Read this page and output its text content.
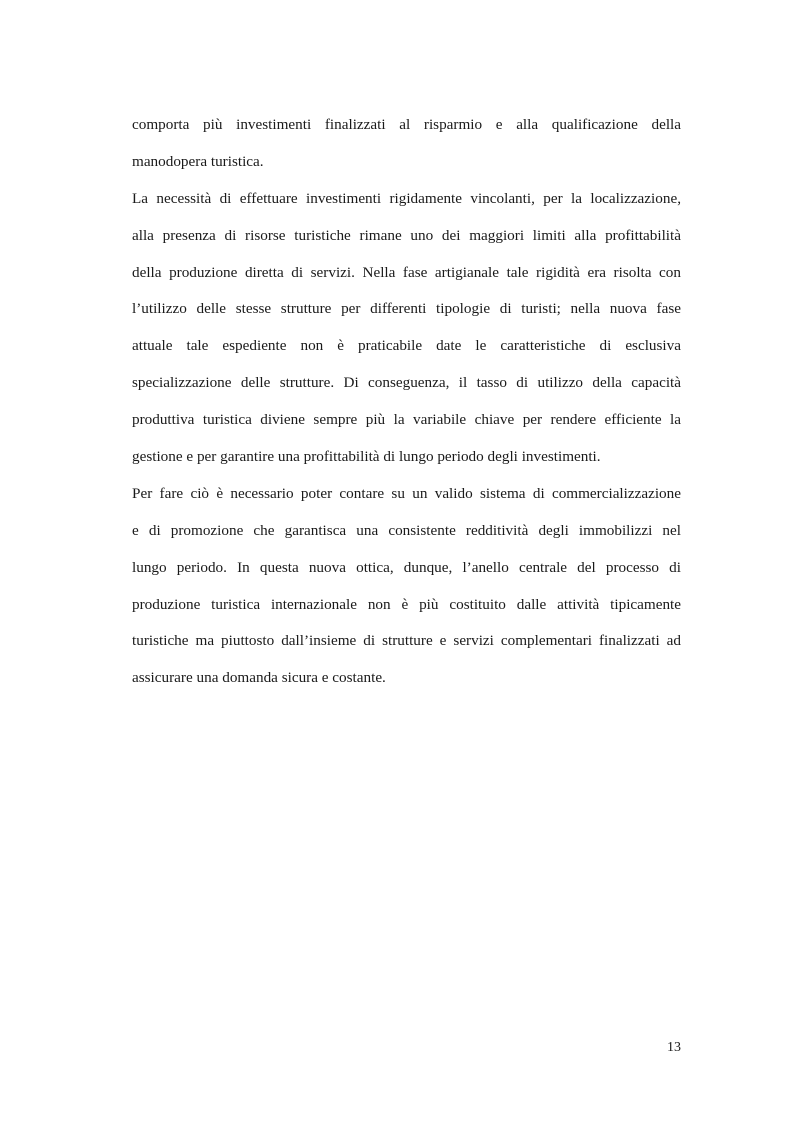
comporta più investimenti finalizzati al risparmio e alla qualificazione della
manodopera turistica.
La necessità di effettuare investimenti rigidamente vincolanti, per la localizzazione,
alla presenza di risorse turistiche rimane uno dei maggiori limiti alla profittabilità
della produzione diretta di servizi. Nella fase artigianale tale rigidità era risolta con
l’utilizzo delle stesse strutture per differenti tipologie di turisti; nella nuova fase
attuale tale espediente non è praticabile date le caratteristiche di esclusiva
specializzazione delle strutture. Di conseguenza, il tasso di utilizzo della capacità
produttiva turistica diviene sempre più la variabile chiave per rendere efficiente la
gestione e per garantire una profittabilità di lungo periodo degli investimenti.
Per fare ciò è necessario poter contare su un valido sistema di commercializzazione
e di promozione che garantisca una consistente redditività degli immobilizzi nel
lungo periodo. In questa nuova ottica, dunque, l’anello centrale del processo di
produzione turistica internazionale non è più costituito dalle attività tipicamente
turistiche ma piuttosto dall’insieme di strutture e servizi complementari finalizzati ad
assicurare una domanda sicura e costante.
13
